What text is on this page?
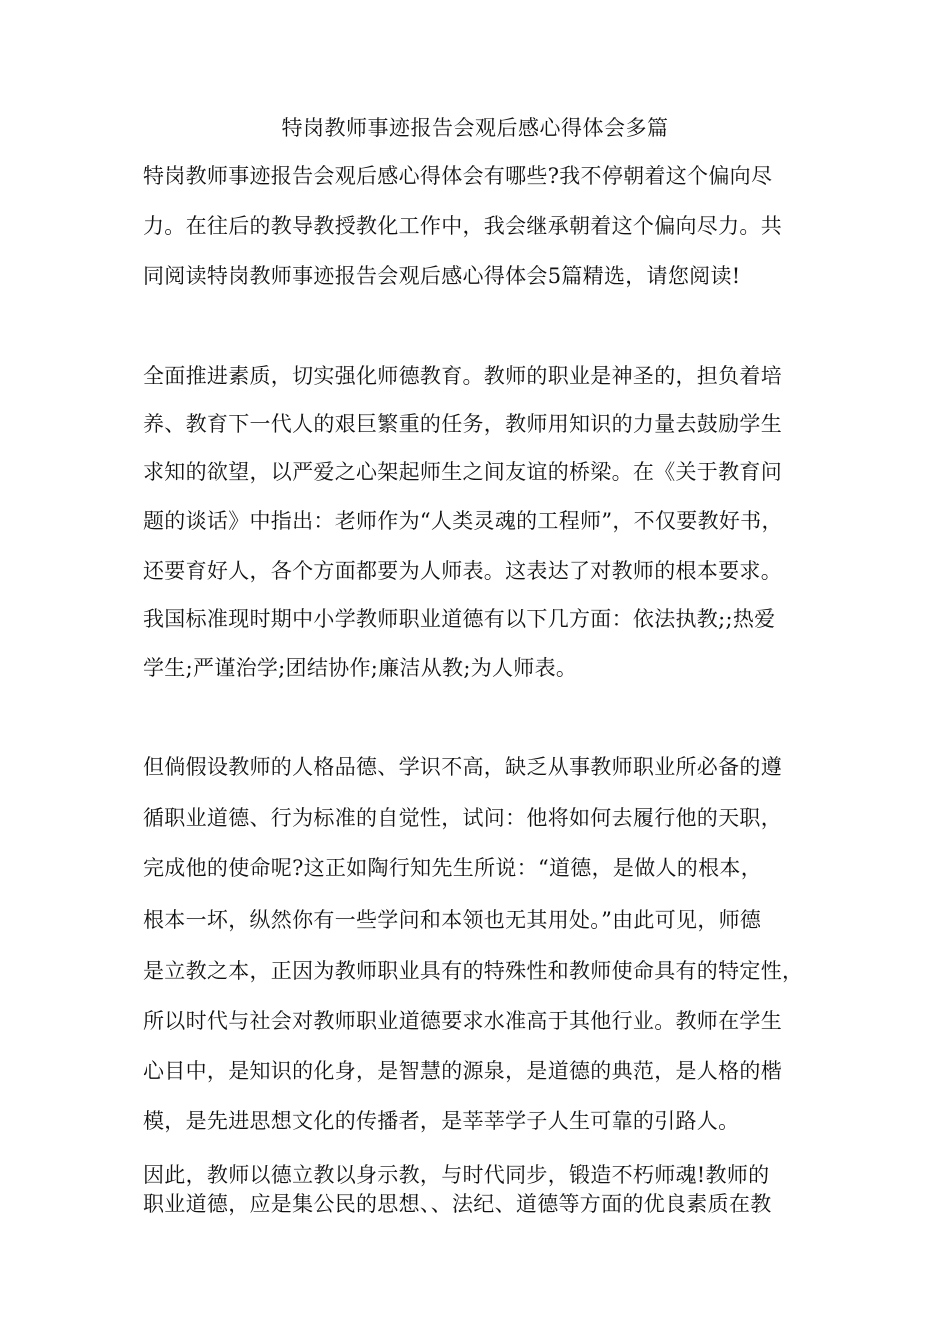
特岗教师事迹报告会观后感心得体会多篇
特岗教师事迹报告会观后感心得体会有哪些?我不停朝着这个偏向尽
力。在往后的教导教授教化工作中，我会继承朝着这个偏向尽力。共
同阅读特岗教师事迹报告会观后感心得体会5篇精选，请您阅读!
全面推进素质，切实强化师德教育。教师的职业是神圣的，担负着培
养、教育下一代人的艰巨繁重的任务，教师用知识的力量去鼓励学生
求知的欲望，以严爱之心架起师生之间友谊的桥梁。在《关于教育问
题的谈话》中指出：老师作为“人类灵魂的工程师”，不仅要教好书，
还要育好人，各个方面都要为人师表。这表达了对教师的根本要求。
我国标准现时期中小学教师职业道德有以下几方面：依法执教;;热爱
学生;严谨治学;团结协作;廉洁从教;为人师表。
但倘假设教师的人格品德、学识不高，缺乏从事教师职业所必备的遵
循职业道德、行为标准的自觉性，试问：他将如何去履行他的天职，
完成他的使命呢?这正如陶行知先生所说：“道德，是做人的根本，
根本一坏，纵然你有一些学问和本领也无其用处。”由此可见，师德
是立教之本，正因为教师职业具有的特殊性和教师使命具有的特定性，
所以时代与社会对教师职业道德要求水准高于其他行业。教师在学生
心目中，是知识的化身，是智慧的源泉，是道德的典范，是人格的楷
模，是先进思想文化的传播者，是莘莘学子人生可靠的引路人。
因此，教师以德立教以身示教，与时代同步，锻造不朽师魂!教师的
职业道德，应是集公民的思想、、法纪、道德等方面的优良素质在教
